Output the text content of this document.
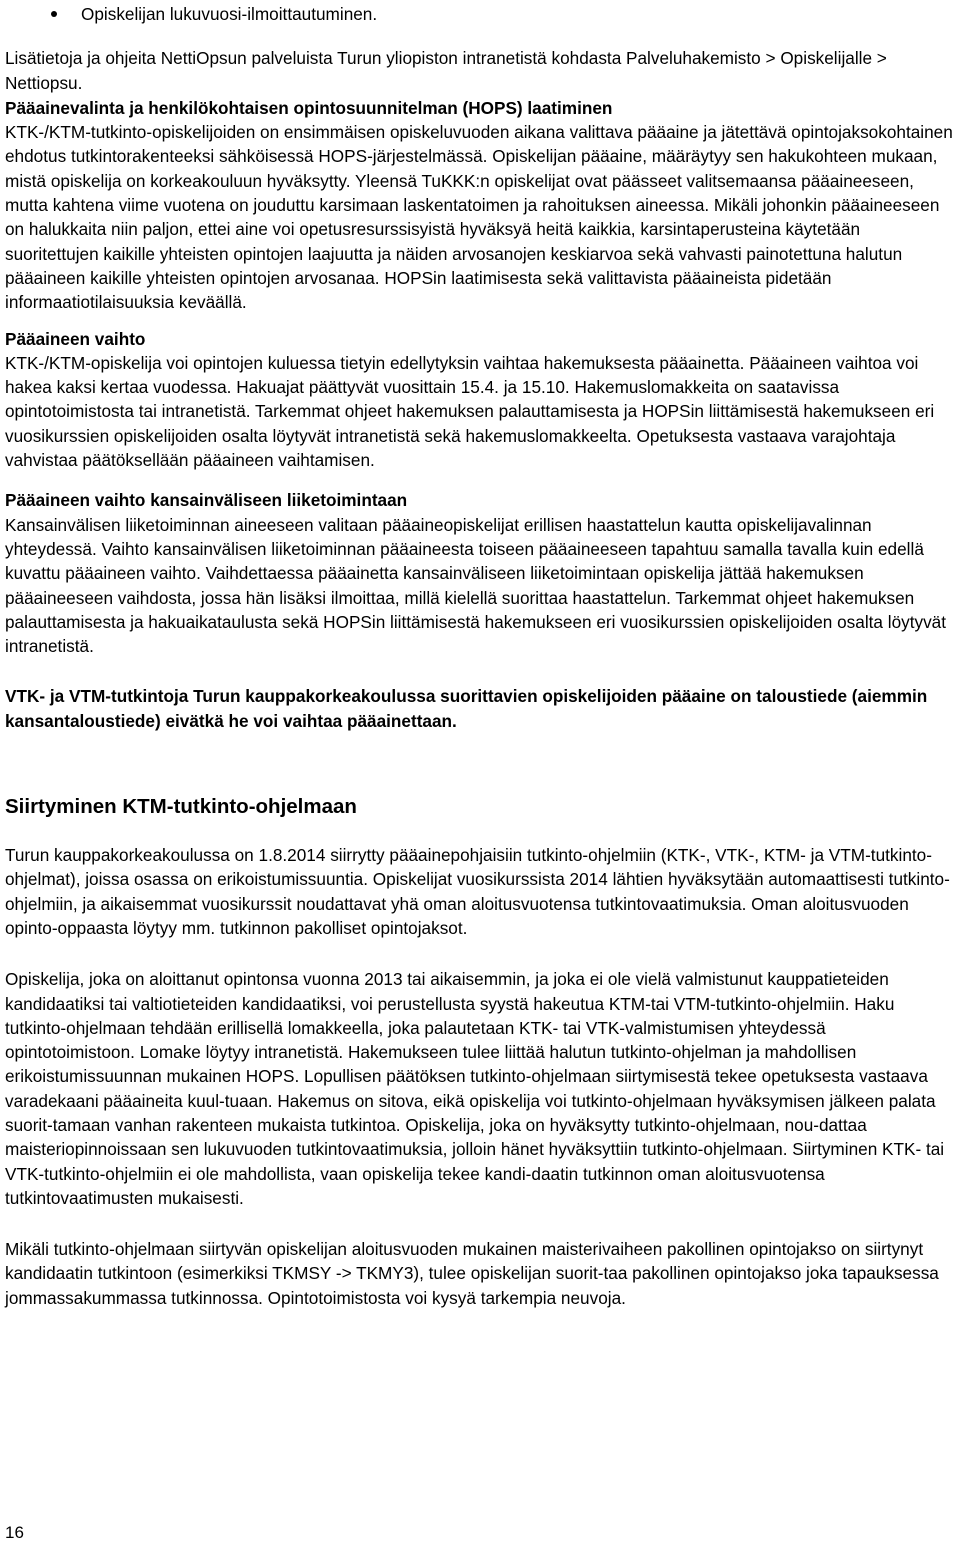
Opiskelijan lukuvuosi-ilmoittautuminen.

Lisätietoja ja ohjeita NettiOpsun palveluista Turun yliopiston intranetistä kohdasta Palveluhakemisto > Opiskelijalle > Nettiopsu.

Pääainevalinta ja henkilökohtaisen opintosuunnitelman (HOPS) laatiminen

KTK-/KTM-tutkinto-opiskelijoiden on ensimmäisen opiskeluvuoden aikana valittava pääaine ja jätettävä opintojaksokohtainen ehdotus tutkintorakenteeksi sähköisessä HOPS-järjestelmässä. Opiskelijan pääaine, määräytyy sen hakukohteen mukaan, mistä opiskelija on korkeakouluun hyväksytty. Yleensä TuKKK:n opiskelijat ovat päässeet valitsemaansa pääaineeseen, mutta kahtena viime vuotena on jouduttu karsimaan laskentatoimen ja rahoituksen aineessa. Mikäli johonkin pääaineeseen on halukkaita niin paljon, ettei aine voi opetusresurssisyistä hyväksyä heitä kaikkia, karsintaperusteina käytetään suoritettujen kaikille yhteisten opintojen laajuutta ja näiden arvosanojen keskiarvoa sekä vahvasti painotettuna halutun pääaineen kaikille yhteisten opintojen arvosanaa. HOPSin laatimisesta sekä valittavista pääaineista pidetään informaatiotilaisuuksia keväällä.

Pääaineen vaihto

KTK-/KTM-opiskelija voi opintojen kuluessa tietyin edellytyksin vaihtaa hakemuksesta pääainetta. Pääaineen vaihtoa voi hakea kaksi kertaa vuodessa. Hakuajat päättyvät vuosittain 15.4. ja 15.10. Hakemuslomakkeita on saatavissa opintotoimistosta tai intranetistä. Tarkemmat ohjeet hakemuksen palauttamisesta ja HOPSin liittämisestä hakemukseen eri vuosikurssien opiskelijoiden osalta löytyvät intranetistä sekä hakemuslomakkeelta. Opetuksesta vastaava varajohtaja vahvistaa päätöksellään pääaineen vaihtamisen.

Pääaineen vaihto kansainväliseen liiketoimintaan

Kansainvälisen liiketoiminnan aineeseen valitaan pääaineopiskelijat erillisen haastattelun kautta opiskelijavalinnan yhteydessä. Vaihto kansainvälisen liiketoiminnan pääaineesta toiseen pääaineeseen tapahtuu samalla tavalla kuin edellä kuvattu pääaineen vaihto. Vaihdettaessa pääainetta kansainväliseen liiketoimintaan opiskelija jättää hakemuksen pääaineeseen vaihdosta, jossa hän lisäksi ilmoittaa, millä kielellä suorittaa haastattelun. Tarkemmat ohjeet hakemuksen palauttamisesta ja hakuaikataulusta sekä HOPSin liittämisestä hakemukseen eri vuosikurssien opiskelijoiden osalta löytyvät intranetistä.

VTK- ja VTM-tutkintoja Turun kauppakorkeakoulussa suorittavien opiskelijoiden pääaine on taloustiede (aiemmin kansantaloustiede) eivätkä he voi vaihtaa pääainettaan.

Siirtyminen KTM-tutkinto-ohjelmaan

Turun kauppakorkeakoulussa on 1.8.2014 siirrytty pääainepohjaisiin tutkinto-ohjelmiin (KTK-, VTK-, KTM- ja VTM-tutkinto-ohjelmat), joissa osassa on erikoistumissuuntia. Opiskelijat vuosikurssista 2014 lähtien hyväksytään automaattisesti tutkinto-ohjelmiin, ja aikaisemmat vuosikurssit noudattavat yhä oman aloitusvuotensa tutkintovaatimuksia. Oman aloitusvuoden opinto-oppaasta löytyy mm. tutkinnon pakolliset opintojaksot.

Opiskelija, joka on aloittanut opintonsa vuonna 2013 tai aikaisemmin, ja joka ei ole vielä valmistunut kauppatieteiden kandidaatiksi tai valtiotieteiden kandidaatiksi, voi perustellusta syystä hakeutua KTM-tai VTM-tutkinto-ohjelmiin. Haku tutkinto-ohjelmaan tehdään erillisellä lomakkeella, joka palautetaan KTK- tai VTK-valmistumisen yhteydessä opintotoimistoon. Lomake löytyy intranetistä. Hakemukseen tulee liittää halutun tutkinto-ohjelman ja mahdollisen erikoistumissuunnan mukainen HOPS. Lopullisen päätöksen tutkinto-ohjelmaan siirtymisestä tekee opetuksesta vastaava varadekaani pääaineita kuul-tuaan. Hakemus on sitova, eikä opiskelija voi tutkinto-ohjelmaan hyväksymisen jälkeen palata suorit-tamaan vanhan rakenteen mukaista tutkintoa. Opiskelija, joka on hyväksytty tutkinto-ohjelmaan, nou-dattaa maisteriopinnoissaan sen lukuvuoden tutkintovaatimuksia, jolloin hänet hyväksyttiin tutkinto-ohjelmaan. Siirtyminen KTK- tai VTK-tutkinto-ohjelmiin ei ole mahdollista, vaan opiskelija tekee kandi-daatin tutkinnon oman aloitusvuotensa tutkintovaatimusten mukaisesti.

Mikäli tutkinto-ohjelmaan siirtyvän opiskelijan aloitusvuoden mukainen maisterivaiheen pakollinen opintojakso on siirtynyt kandidaatin tutkintoon (esimerkiksi TKMSY -> TKMY3), tulee opiskelijan suorit-taa pakollinen opintojakso joka tapauksessa jommassakummassa tutkinnossa. Opintotoimistosta voi kysyä tarkempia neuvoja.

16
